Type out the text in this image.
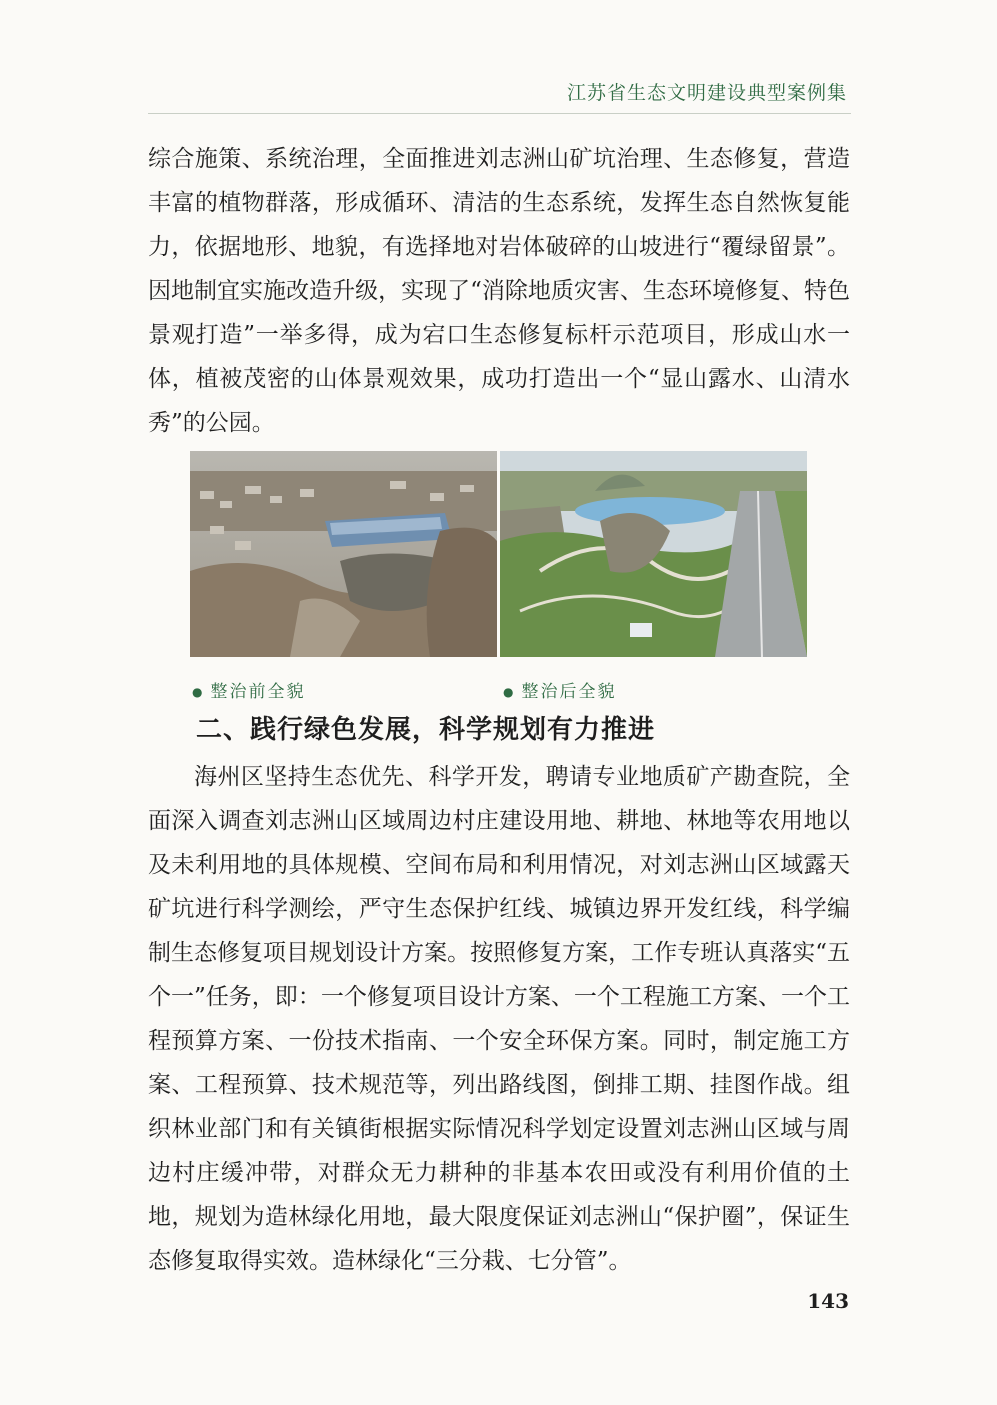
江苏省生态文明建设典型案例集

综合施策、系统治理，全面推进刘志洲山矿坑治理、生态修复，营造丰富的植物群落，形成循环、清洁的生态系统，发挥生态自然恢复能力，依据地形、地貌，有选择地对岩体破碎的山坡进行“覆绿留景”。因地制宜实施改造升级，实现了“消除地质灾害、生态环境修复、特色景观打造”一举多得，成为宕口生态修复标杆示范项目，形成山水一体，植被茂密的山体景观效果，成功打造出一个“显山露水、山清水秀”的公园。

● 整治前全貌	● 整治后全貌
二、践行绿色发展，科学规划有力推进

海州区坚持生态优先、科学开发，聘请专业地质矿产勘查院，全面深入调查刘志洲山区域周边村庄建设用地、耕地、林地等农用地以及未利用地的具体规模、空间布局和利用情况，对刘志洲山区域露天矿坑进行科学测绘，严守生态保护红线、城镇边界开发红线，科学编制生态修复项目规划设计方案。按照修复方案，工作专班认真落实“五个一”任务，即：一个修复项目设计方案、一个工程施工方案、一个工程预算方案、一份技术指南、一个安全环保方案。同时，制定施工方案、工程预算、技术规范等，列出路线图，倒排工期、挂图作战。组织林业部门和有关镇街根据实际情况科学划定设置刘志洲山区域与周边村庄缓冲带，对群众无力耕种的非基本农田或没有利用价值的土地，规划为造林绿化用地，最大限度保证刘志洲山“保护圈”，保证生态修复取得实效。造林绿化“三分栽、七分管”。

143
